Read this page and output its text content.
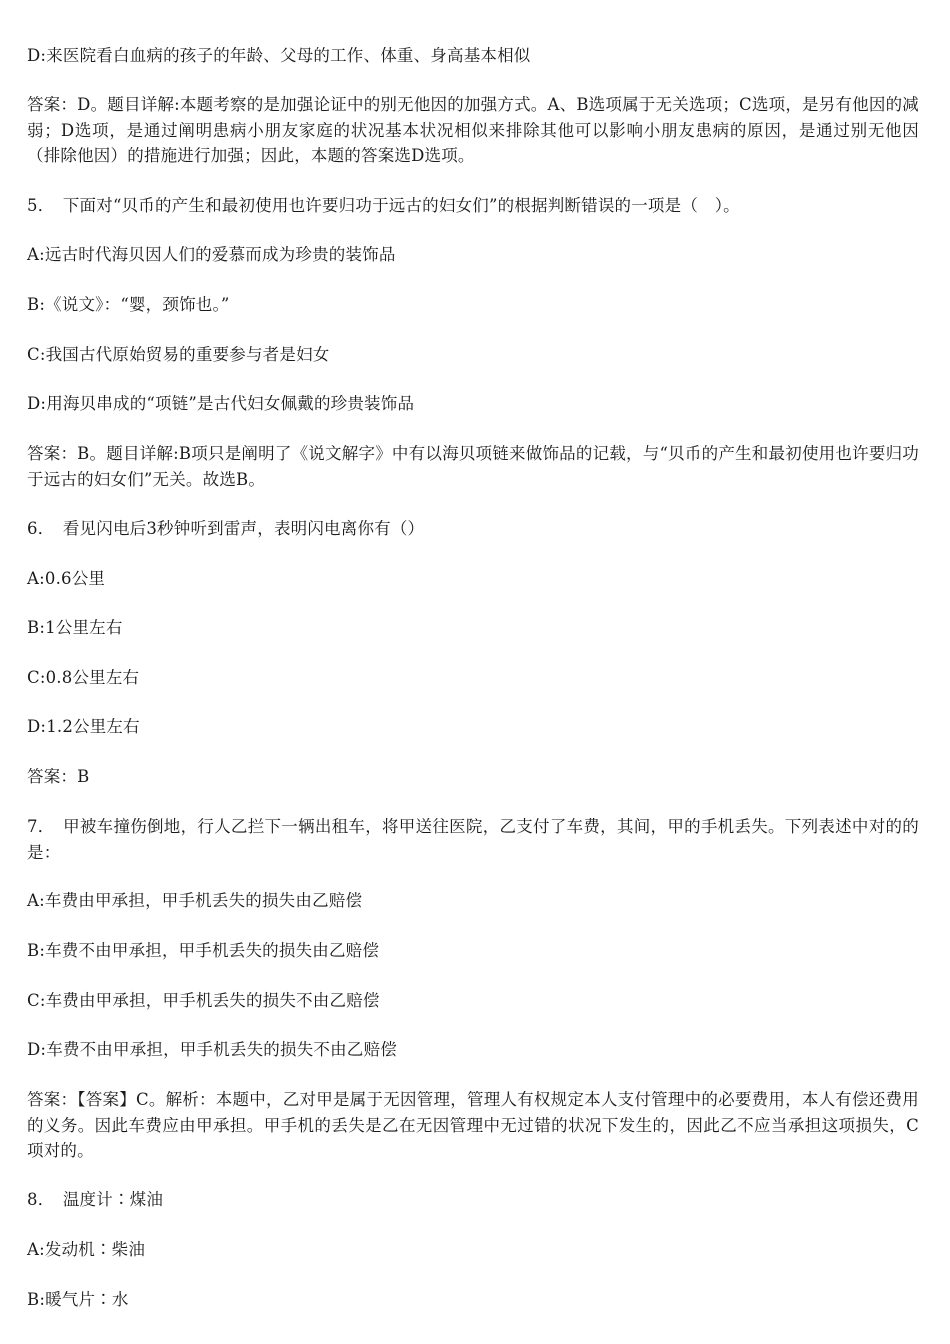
D:来医院看白血病的孩子的年龄、父母的工作、体重、身高基本相似
答案：D。题目详解:本题考察的是加强论证中的别无他因的加强方式。A、B选项属于无关选项；C选项，是另有他因的减弱；D选项，是通过阐明患病小朋友家庭的状况基本状况相似来排除其他可以影响小朋友患病的原因，是通过别无他因（排除他因）的措施进行加强；因此，本题的答案选D选项。
5．　下面对“贝币的产生和最初使用也许要归功于远古的妇女们”的根据判断错误的一项是（　）。
A:远古时代海贝因人们的爱慕而成为珍贵的装饰品
B:《说文》：“婴，颈饰也。”
C:我国古代原始贸易的重要参与者是妇女
D:用海贝串成的“项链”是古代妇女佩戴的珍贵装饰品
答案：B。题目详解:B项只是阐明了《说文解字》中有以海贝项链来做饰品的记载，与“贝币的产生和最初使用也许要归功于远古的妇女们”无关。故选B。
6．　看见闪电后3秒钟听到雷声，表明闪电离你有（）
A:0.6公里
B:1公里左右
C:0.8公里左右
D:1.2公里左右
答案：B
7．　甲被车撞伤倒地，行人乙拦下一辆出租车，将甲送往医院，乙支付了车费，其间，甲的手机丢失。下列表述中对的的是：
A:车费由甲承担，甲手机丢失的损失由乙赔偿
B:车费不由甲承担，甲手机丢失的损失由乙赔偿
C:车费由甲承担，甲手机丢失的损失不由乙赔偿
D:车费不由甲承担，甲手机丢失的损失不由乙赔偿
答案：【答案】C。解析：本题中，乙对甲是属于无因管理，管理人有权规定本人支付管理中的必要费用，本人有偿还费用的义务。因此车费应由甲承担。甲手机的丢失是乙在无因管理中无过错的状况下发生的，因此乙不应当承担这项损失，C项对的。
8．　温度计∶煤油
A:发动机∶柴油
B:暖气片∶水
